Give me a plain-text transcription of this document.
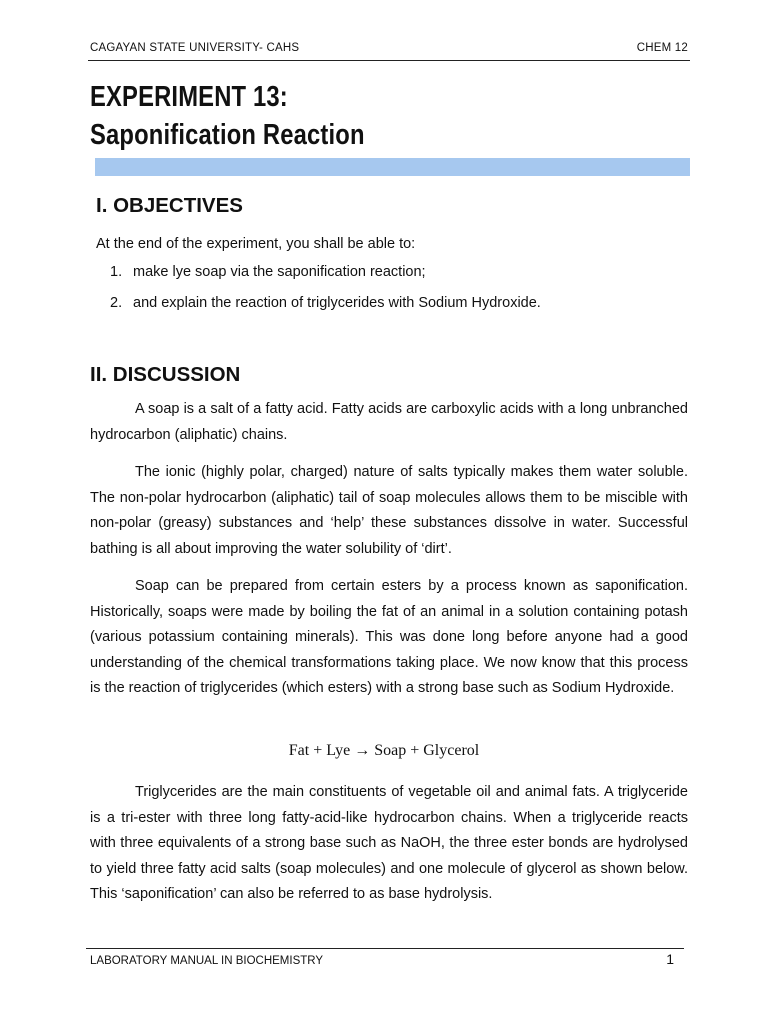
CAGAYAN STATE UNIVERSITY- CAHS	CHEM 12
EXPERIMENT 13:
Saponification Reaction
I. OBJECTIVES
At the end of the experiment, you shall be able to:
1. make lye soap via the saponification reaction;
2. and explain the reaction of triglycerides with Sodium Hydroxide.
II. DISCUSSION

A soap is a salt of a fatty acid. Fatty acids are carboxylic acids with a long unbranched hydrocarbon (aliphatic) chains.

The ionic (highly polar, charged) nature of salts typically makes them water soluble. The non-polar hydrocarbon (aliphatic) tail of soap molecules allows them to be miscible with non-polar (greasy) substances and ‘help’ these substances dissolve in water. Successful bathing is all about improving the water solubility of ‘dirt’.

Soap can be prepared from certain esters by a process known as saponification. Historically, soaps were made by boiling the fat of an animal in a solution containing potash (various potassium containing minerals). This was done long before anyone had a good understanding of the chemical transformations taking place. We now know that this process is the reaction of triglycerides (which esters) with a strong base such as Sodium Hydroxide.

Fat + Lye → Soap + Glycerol

Triglycerides are the main constituents of vegetable oil and animal fats. A triglyceride is a tri-ester with three long fatty-acid-like hydrocarbon chains. When a triglyceride reacts with three equivalents of a strong base such as NaOH, the three ester bonds are hydrolysed to yield three fatty acid salts (soap molecules) and one molecule of glycerol as shown below. This ‘saponification’ can also be referred to as base hydrolysis.

LABORATORY MANUAL IN BIOCHEMISTRY	1
